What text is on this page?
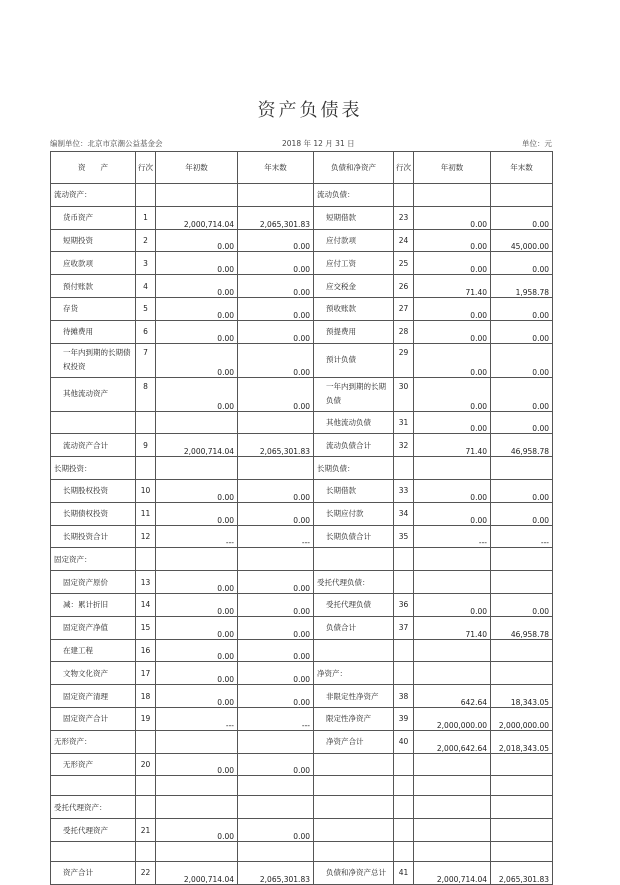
资产负债表
编制单位：北京市京潮公益基金会	2018 年 12 月 31 日	单位：元
资　　产	行次	年初数	年末数	负债和净资产	行次	年初数	年末数
流动资产：				流动负债：			
货币资产	1	2,000,714.04	2,065,301.83	短期借款	23	0.00	0.00
短期投资	2	0.00	0.00	应付款项	24	0.00	45,000.00
应收款项	3	0.00	0.00	应付工资	25	0.00	0.00
预付账款	4	0.00	0.00	应交税金	26	71.40	1,958.78
存货	5	0.00	0.00	预收账款	27	0.00	0.00
待摊费用	6	0.00	0.00	预提费用	28	0.00	0.00
一年内到期的长期债权投资	7	0.00	0.00	预计负债	29	0.00	0.00
其他流动资产	8	0.00	0.00	一年内到期的长期负债	30	0.00	0.00
				其他流动负债	31	0.00	0.00
流动资产合计	9	2,000,714.04	2,065,301.83	流动负债合计	32	71.40	46,958.78
长期投资：				长期负债：			
长期股权投资	10	0.00	0.00	长期借款	33	0.00	0.00
长期债权投资	11	0.00	0.00	长期应付款	34	0.00	0.00
长期投资合计	12	---	---	长期负债合计	35	---	---
固定资产：							
固定资产原价	13	0.00	0.00	受托代理负债：			
减：累计折旧	14	0.00	0.00	受托代理负债	36	0.00	0.00
固定资产净值	15	0.00	0.00	负债合计	37	71.40	46,958.78
在建工程	16	0.00	0.00				
文物文化资产	17	0.00	0.00	净资产：			
固定资产清理	18	0.00	0.00	非限定性净资产	38	642.64	18,343.05
固定资产合计	19	---	---	限定性净资产	39	2,000,000.00	2,000,000.00
无形资产：				净资产合计	40	2,000,642.64	2,018,343.05
无形资产	20	0.00	0.00				

受托代理资产：							
受托代理资产	21	0.00	0.00				

资产合计	22	2,000,714.04	2,065,301.83	负债和净资产总计	41	2,000,714.04	2,065,301.83
